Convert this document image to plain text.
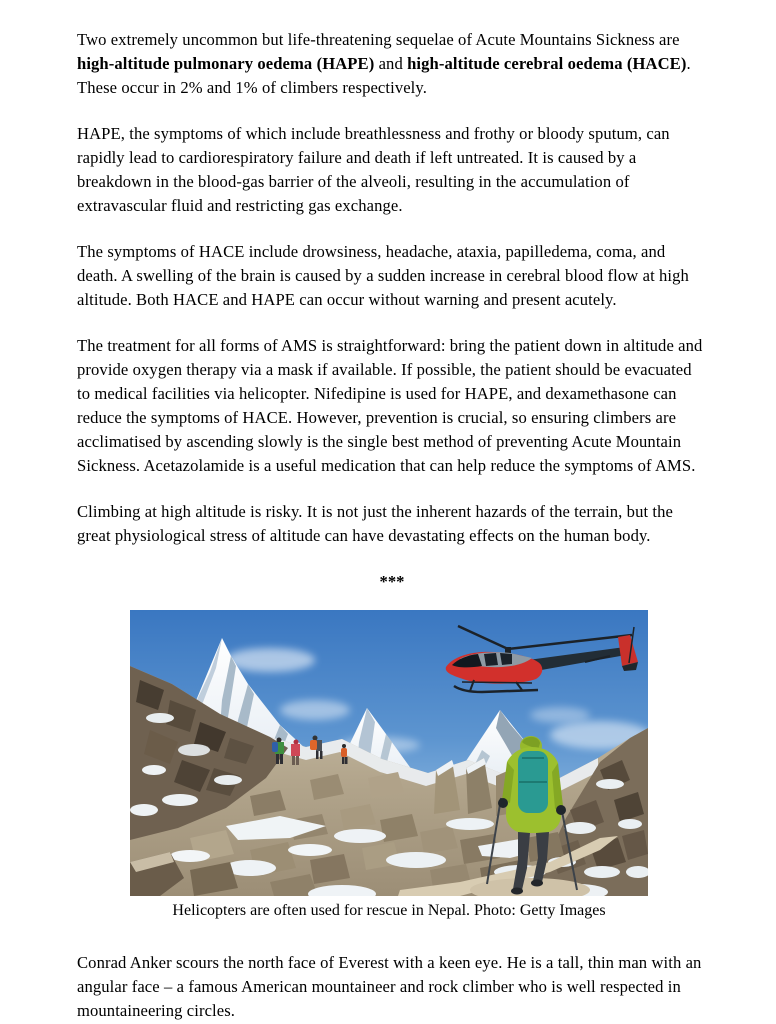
Two extremely uncommon but life-threatening sequelae of Acute Mountains Sickness are high-altitude pulmonary oedema (HAPE) and high-altitude cerebral oedema (HACE). These occur in 2% and 1% of climbers respectively.

HAPE, the symptoms of which include breathlessness and frothy or bloody sputum, can rapidly lead to cardiorespiratory failure and death if left untreated. It is caused by a breakdown in the blood-gas barrier of the alveoli, resulting in the accumulation of extravascular fluid and restricting gas exchange.

The symptoms of HACE include drowsiness, headache, ataxia, papilledema, coma, and death. A swelling of the brain is caused by a sudden increase in cerebral blood flow at high altitude. Both HACE and HAPE can occur without warning and present acutely.

The treatment for all forms of AMS is straightforward: bring the patient down in altitude and provide oxygen therapy via a mask if available. If possible, the patient should be evacuated to medical facilities via helicopter. Nifedipine is used for HAPE, and dexamethasone can reduce the symptoms of HACE. However, prevention is crucial, so ensuring climbers are acclimatised by ascending slowly is the single best method of preventing Acute Mountain Sickness. Acetazolamide is a useful medication that can help reduce the symptoms of AMS.

Climbing at high altitude is risky. It is not just the inherent hazards of the terrain, but the great physiological stress of altitude can have devastating effects on the human body.

***
Helicopters are often used for rescue in Nepal. Photo: Getty Images

Conrad Anker scours the north face of Everest with a keen eye. He is a tall, thin man with an angular face – a famous American mountaineer and rock climber who is well respected in mountaineering circles.
